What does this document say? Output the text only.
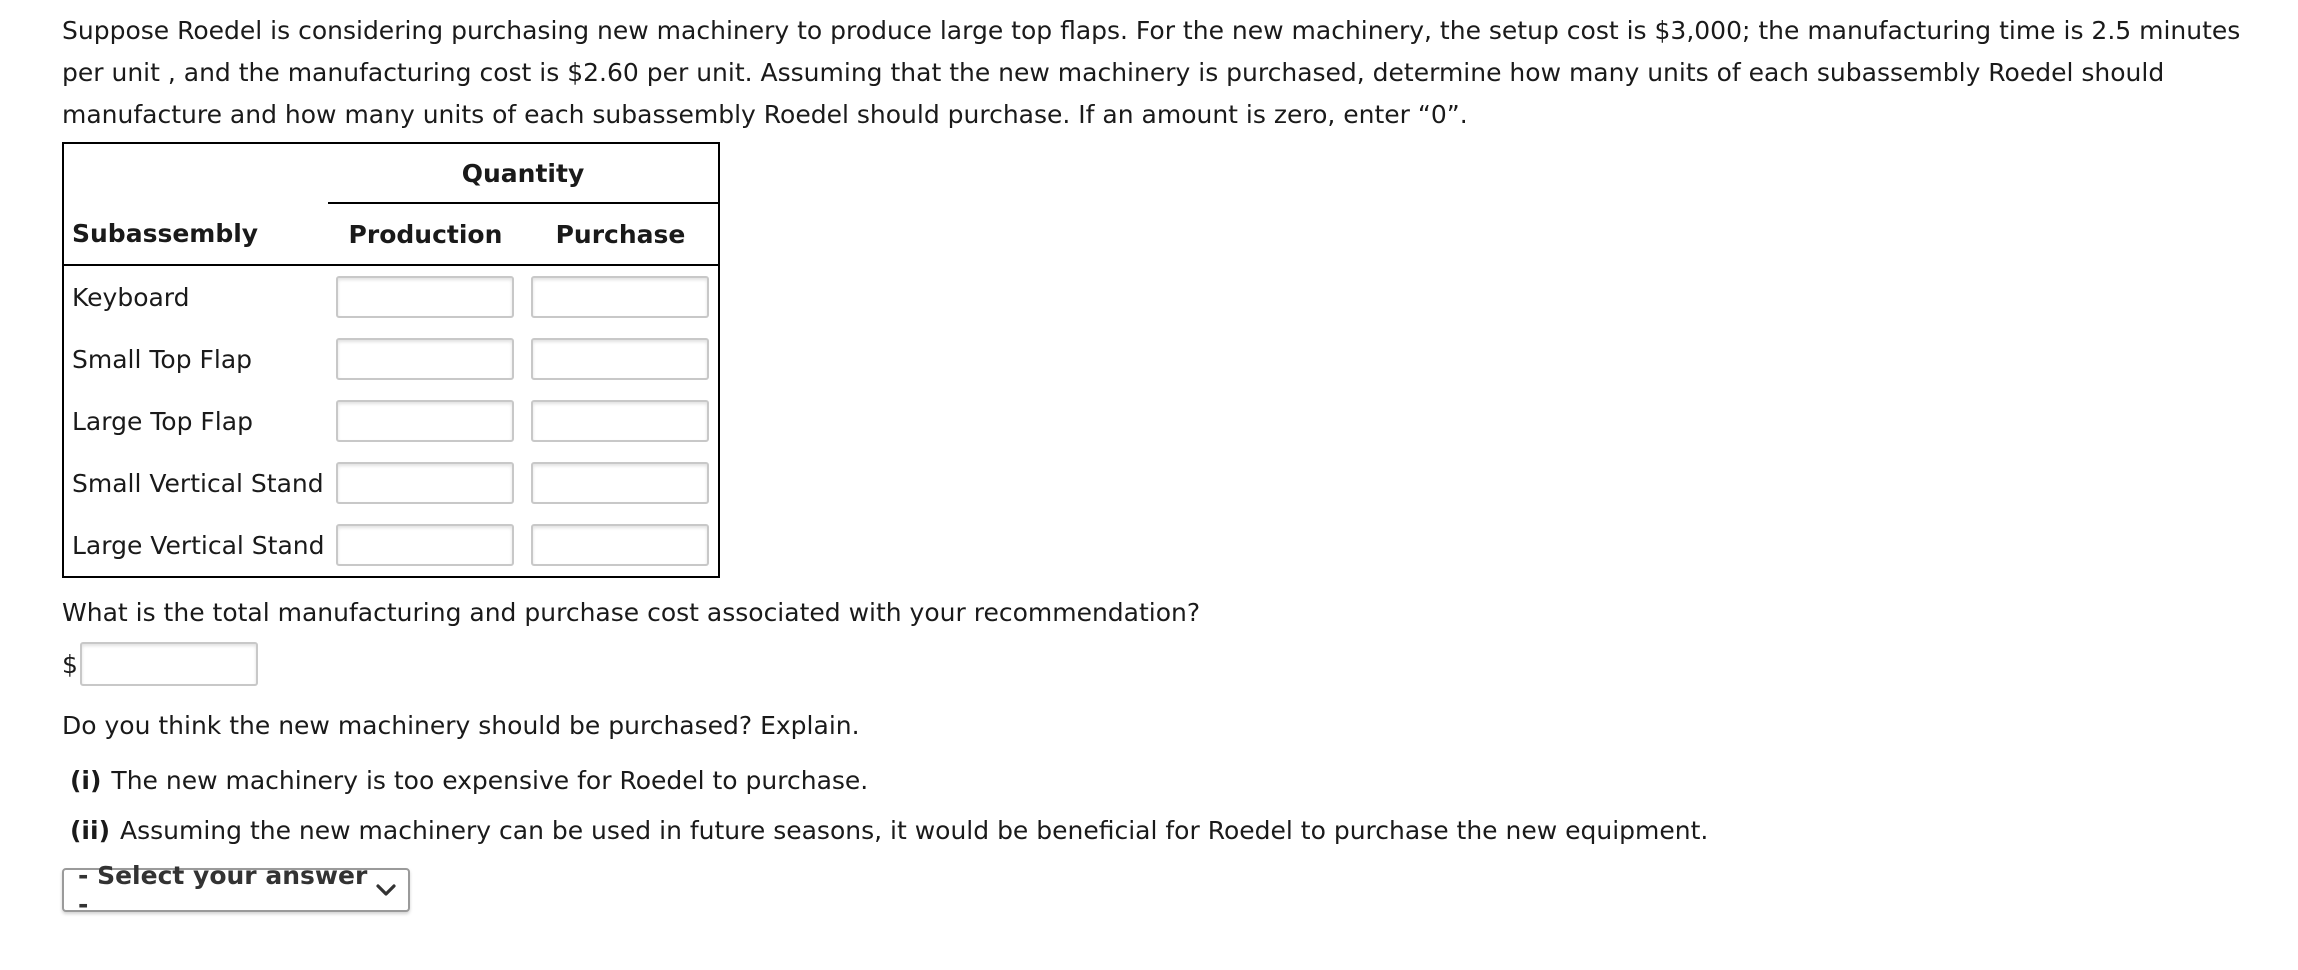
Suppose Roedel is considering purchasing new machinery to produce large top flaps. For the new machinery, the setup cost is $3,000; the manufacturing time is 2.5 minutes per unit , and the manufacturing cost is $2.60 per unit. Assuming that the new machinery is purchased, determine how many units of each subassembly Roedel should manufacture and how many units of each subassembly Roedel should purchase. If an amount is zero, enter “0”.
	Quantity	
Subassembly	Production	Purchase
Keyboard		
Small Top Flap		
Large Top Flap		
Small Vertical Stand		
Large Vertical Stand		
What is the total manufacturing and purchase cost associated with your recommendation?
$
Do you think the new machinery should be purchased? Explain.
(i) The new machinery is too expensive for Roedel to purchase.
(ii) Assuming the new machinery can be used in future seasons, it would be beneficial for Roedel to purchase the new equipment.
- Select your answer -
